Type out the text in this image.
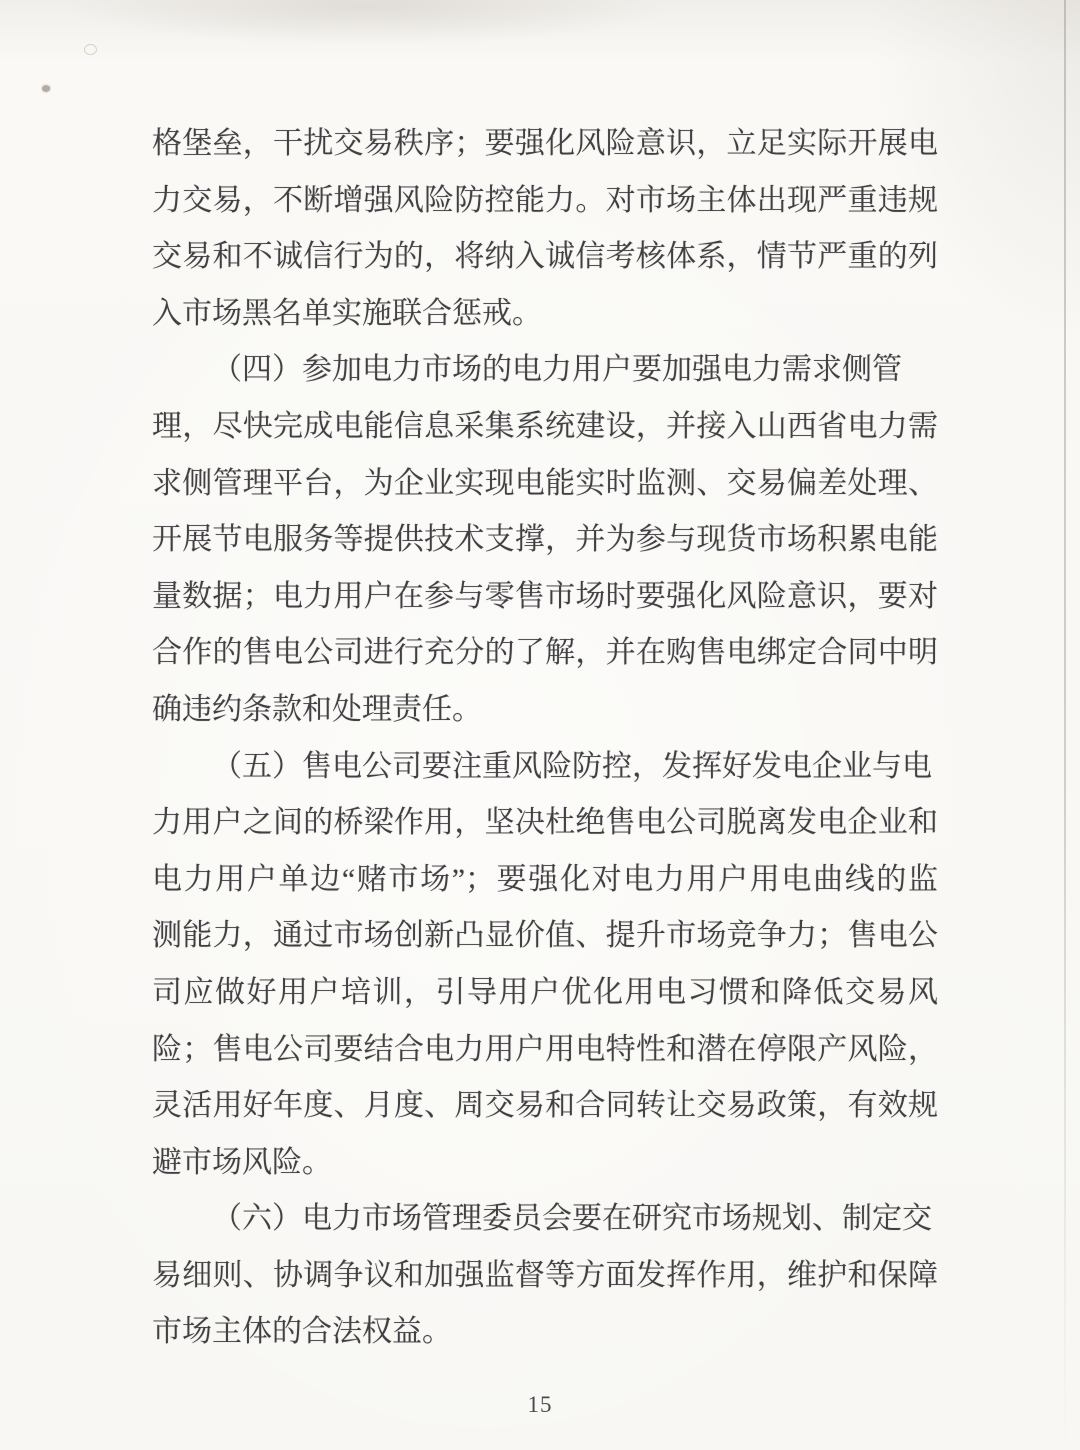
格堡垒，干扰交易秩序；要强化风险意识，立足实际开展电
力交易，不断增强风险防控能力。对市场主体出现严重违规
交易和不诚信行为的，将纳入诚信考核体系，情节严重的列
入市场黑名单实施联合惩戒。
（四）参加电力市场的电力用户要加强电力需求侧管
理，尽快完成电能信息采集系统建设，并接入山西省电力需
求侧管理平台，为企业实现电能实时监测、交易偏差处理、
开展节电服务等提供技术支撑，并为参与现货市场积累电能
量数据；电力用户在参与零售市场时要强化风险意识，要对
合作的售电公司进行充分的了解，并在购售电绑定合同中明
确违约条款和处理责任。
（五）售电公司要注重风险防控，发挥好发电企业与电
力用户之间的桥梁作用，坚决杜绝售电公司脱离发电企业和
电力用户单边“赌市场”；要强化对电力用户用电曲线的监
测能力，通过市场创新凸显价值、提升市场竞争力；售电公
司应做好用户培训，引导用户优化用电习惯和降低交易风
险；售电公司要结合电力用户用电特性和潜在停限产风险，
灵活用好年度、月度、周交易和合同转让交易政策，有效规
避市场风险。
（六）电力市场管理委员会要在研究市场规划、制定交
易细则、协调争议和加强监督等方面发挥作用，维护和保障
市场主体的合法权益。
15
